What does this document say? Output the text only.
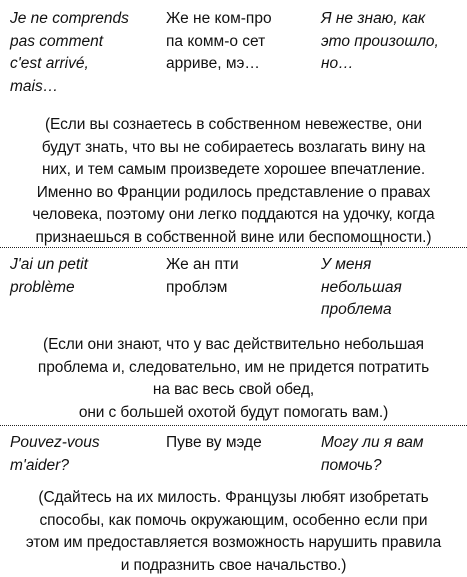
Je ne comprends
pas comment
c'est arrivé,
mais…
Же не ком-про
па комм-о сет
арриве, мэ…
Я не знаю, как
это произошло,
но…
(Если вы сознаетесь в собственном невежестве, они
будут знать, что вы не собираетесь возлагать вину на
них, и тем самым произведете хорошее впечатление.
Именно во Франции родилось представление о правах
человека, поэтому они легко поддаются на удочку, когда
признаешься в собственной вине или беспомощности.)
J'ai un petit
problème
Же ан пти
проблэм
У меня
небольшая
проблема
(Если они знают, что у вас действительно небольшая
проблема и, следовательно, им не придется потратить
на вас весь свой обед,
они с большей охотой будут помогать вам.)
Pouvez-vous
m'aider?
Пуве ву мэде	Могу ли я вам
помочь?
(Сдайтесь на их милость. Французы любят изобретать
способы, как помочь окружающим, особенно если при
этом им предоставляется возможность нарушить правила
и подразнить свое начальство.)
